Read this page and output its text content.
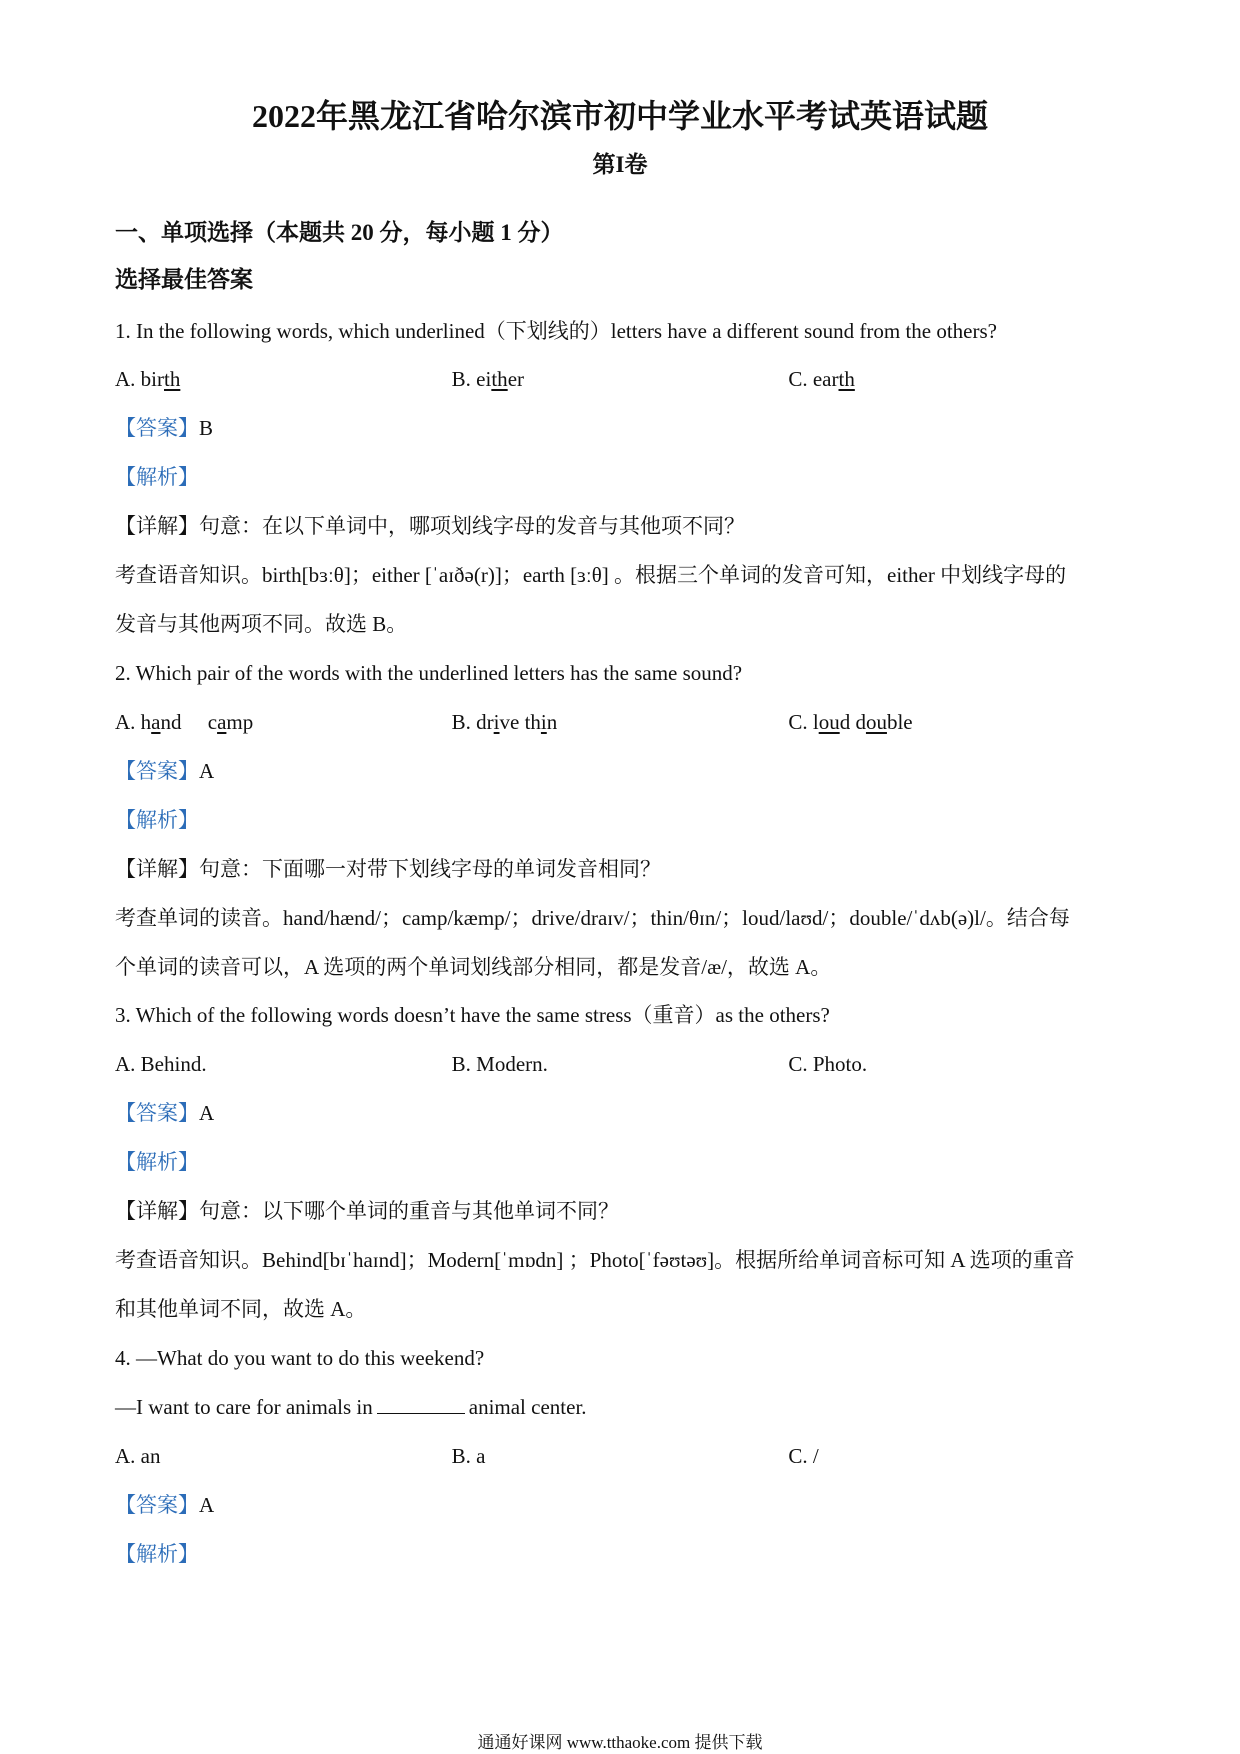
2022年黑龙江省哈尔滨市初中学业水平考试英语试题
第I卷
一、单项选择（本题共 20 分，每小题 1 分）
选择最佳答案
1. In the following words, which underlined（下划线的）letters have a different sound from the others?
A. birth	B. either	C. earth
【答案】B
【解析】
【详解】句意：在以下单词中，哪项划线字母的发音与其他项不同？
考查语音知识。birth[bɜːθ]；either [ˈaɪðə(r)]；earth [ɜːθ] 。根据三个单词的发音可知，either 中划线字母的
发音与其他两项不同。故选 B。
2. Which pair of the words with the underlined letters has the same sound?
A. hand     camp	B. drive thin	C. loud double
【答案】A
【解析】
【详解】句意：下面哪一对带下划线字母的单词发音相同？
考查单词的读音。hand/hænd/；camp/kæmp/；drive/draɪv/；thin/θɪn/；loud/laʊd/；double/ˈdʌb(ə)l/。结合每
个单词的读音可以，A 选项的两个单词划线部分相同，都是发音/æ/，故选 A。
3. Which of the following words doesn’t have the same stress（重音）as the others?
A. Behind.	B. Modern.	C. Photo.
【答案】A
【解析】
【详解】句意：以下哪个单词的重音与其他单词不同？
考查语音知识。Behind[bɪˈhaɪnd]；Modern[ˈmɒdn] ；Photo[ˈfəʊtəʊ]。根据所给单词音标可知 A 选项的重音
和其他单词不同，故选 A。
4. —What do you want to do this weekend?
—I want to care for animals in	animal center.
A. an	B. a	C. /
【答案】A
【解析】
通通好课网 www.tthaoke.com 提供下载
